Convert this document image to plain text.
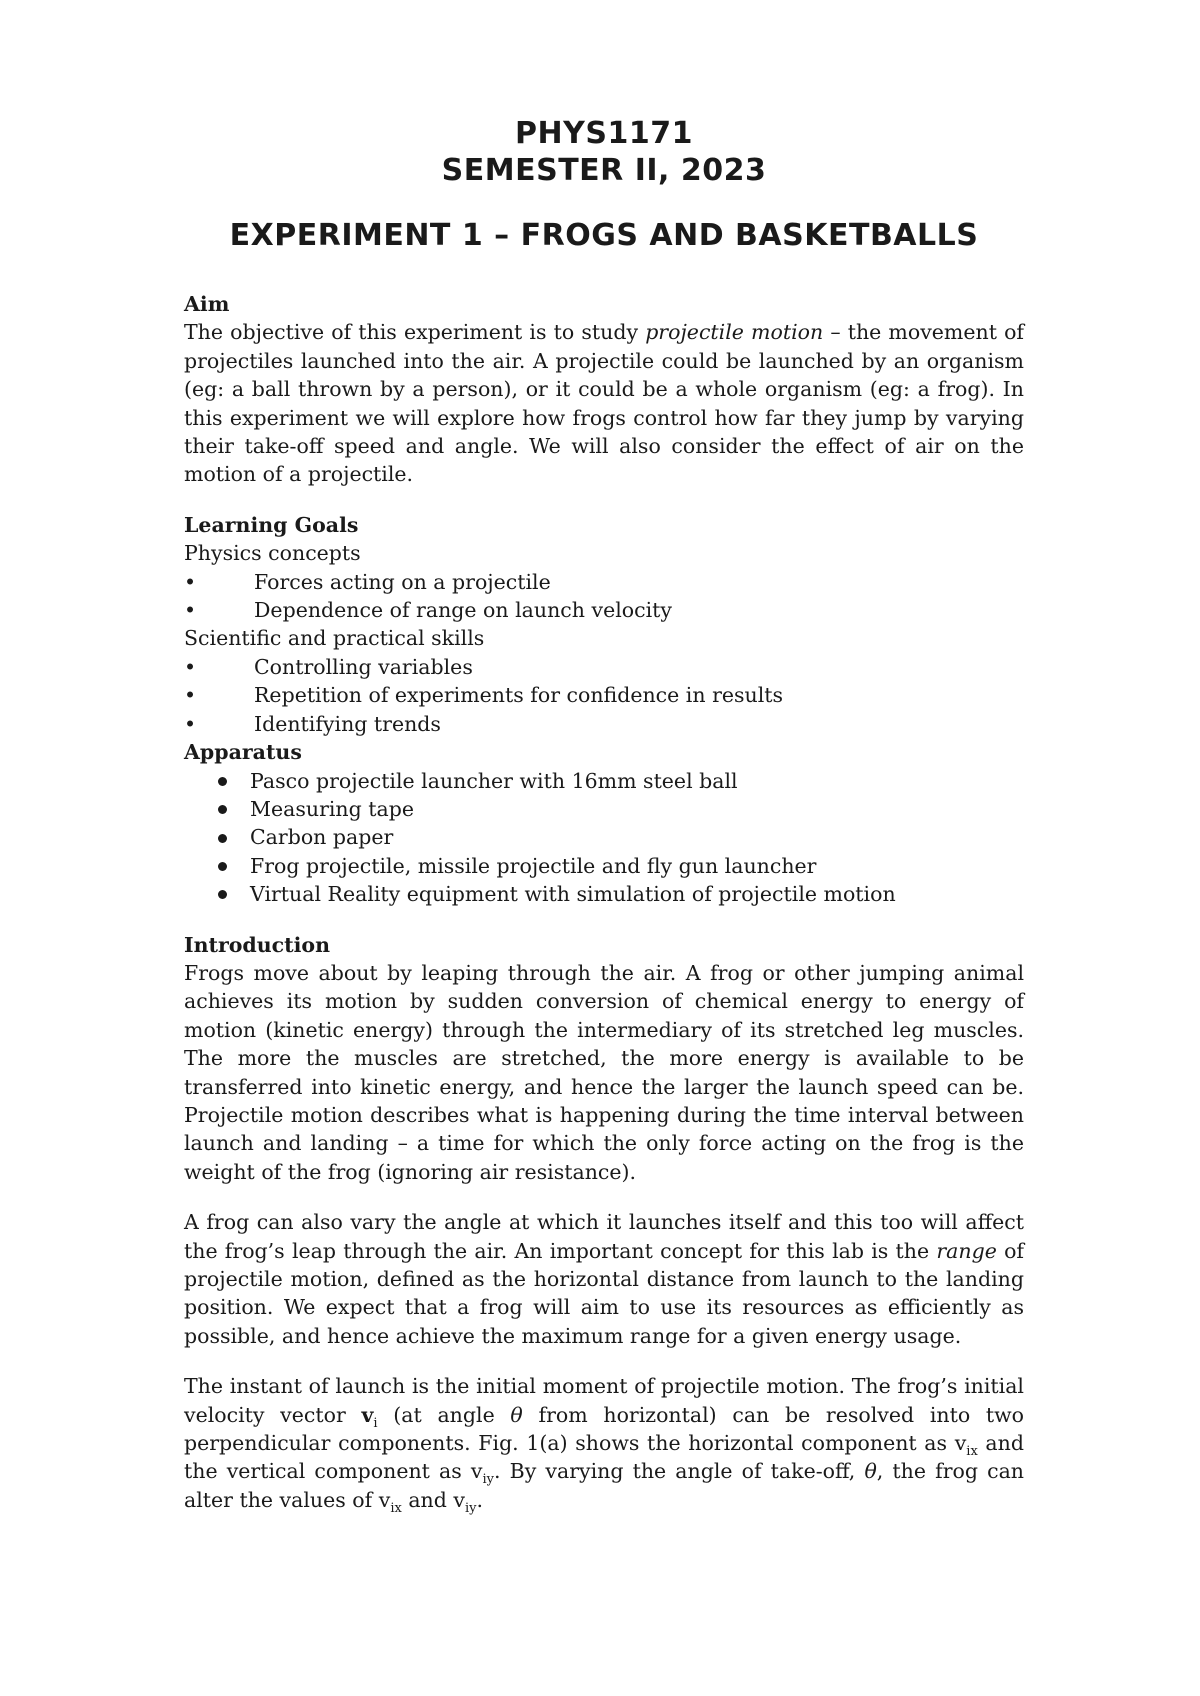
PHYS1171
SEMESTER II, 2023
EXPERIMENT 1 – FROGS AND BASKETBALLS

Aim

The objective of this experiment is to study projectile motion – the movement of projectiles launched into the air. A projectile could be launched by an organism (eg: a ball thrown by a person), or it could be a whole organism (eg: a frog). In this experiment we will explore how frogs control how far they jump by varying their take-off speed and angle. We will also consider the effect of air on the motion of a projectile.

Learning Goals

Physics concepts

•	Forces acting on a projectile
•	Dependence of range on launch velocity

Scientific and practical skills

•	Controlling variables
•	Repetition of experiments for confidence in results
•	Identifying trends

Apparatus

Pasco projectile launcher with 16mm steel ball
Measuring tape
Carbon paper
Frog projectile, missile projectile and fly gun launcher
Virtual Reality equipment with simulation of projectile motion

Introduction

Frogs move about by leaping through the air. A frog or other jumping animal achieves its motion by sudden conversion of chemical energy to energy of motion (kinetic energy) through the intermediary of its stretched leg muscles. The more the muscles are stretched, the more energy is available to be transferred into kinetic energy, and hence the larger the launch speed can be. Projectile motion describes what is happening during the time interval between launch and landing – a time for which the only force acting on the frog is the weight of the frog (ignoring air resistance).

A frog can also vary the angle at which it launches itself and this too will affect the frog’s leap through the air. An important concept for this lab is the range of projectile motion, defined as the horizontal distance from launch to the landing position. We expect that a frog will aim to use its resources as efficiently as possible, and hence achieve the maximum range for a given energy usage.

The instant of launch is the initial moment of projectile motion. The frog’s initial velocity vector $v_i$ (at angle θ from horizontal) can be resolved into two perpendicular components. Fig. 1(a) shows the horizontal component as $v_{ix}$ and the vertical component as $v_{iy}$. By varying the angle of take-off, θ, the frog can alter the values of $v_{ix}$ and $v_{iy}$.
